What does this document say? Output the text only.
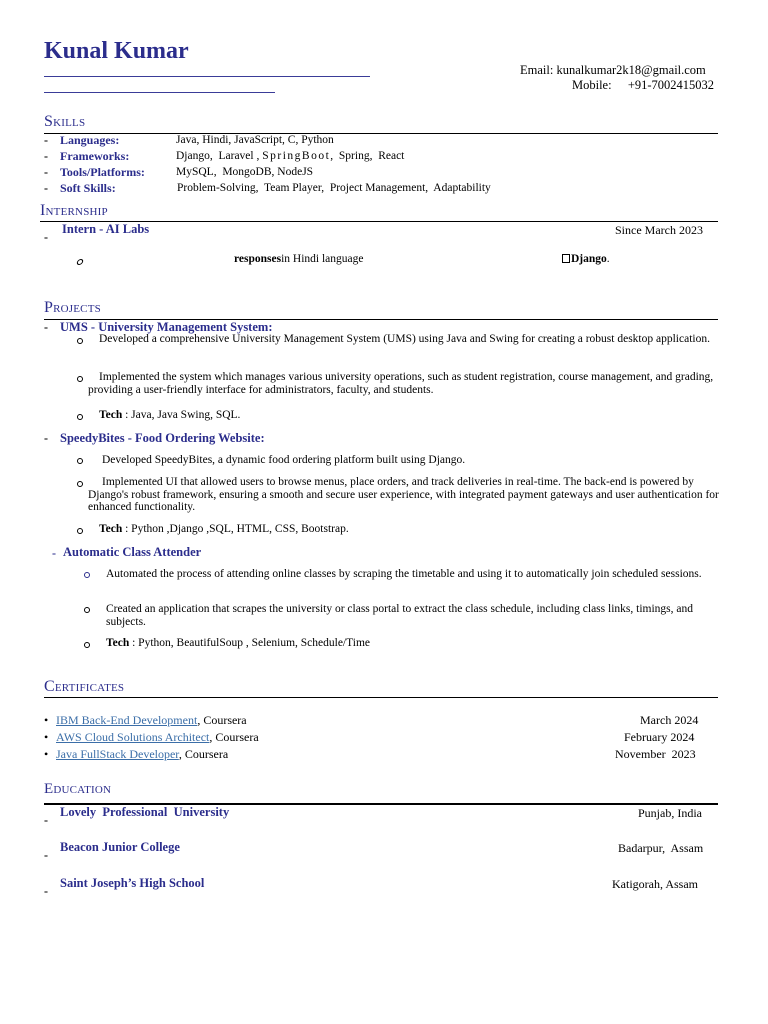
Kunal Kumar
Email: kunalkumar2k18@gmail.com
Mobile: +91-7002415032
Skills
- Languages:	Java, Hindi, JavaScript, C, Python
- Frameworks:	Django,  Laravel , SpringBoot,  Spring,  React
- Tools/Platforms:	MySQL,  MongoDB, NodeJS
- Soft Skills:	Problem-Solving,  Team Player,  Project Management,  Adaptability
Internship
-
Intern - AI Labs	Since March 2023
responsesin Hindi language	Django.
Projects
- UMS - University Management System:
Developed a comprehensive University Management System (UMS) using Java and Swing for creating a robust desktop application.
Implemented the system which manages various university operations, such as student registration, course management, and grading, providing a user-friendly interface for administrators, faculty, and students.
Tech : Java, Java Swing, SQL.
- SpeedyBites - Food Ordering Website:
Developed SpeedyBites, a dynamic food ordering platform built using Django.
Implemented UI that allowed users to browse menus, place orders, and track deliveries in real-time. The back-end is powered by Django's robust framework, ensuring a smooth and secure user experience, with integrated payment gateways and user authentication for enhanced functionality.
Tech : Python ,Django ,SQL, HTML, CSS, Bootstrap.
- Automatic Class Attender
Automated the process of attending online classes by scraping the timetable and using it to automatically join scheduled sessions.
Created an application that scrapes the university or class portal to extract the class schedule, including class links, timings, and subjects.
Tech : Python, BeautifulSoup , Selenium, Schedule/Time
Certificates
• IBM Back-End Development, Coursera	March 2024
• AWS Cloud Solutions Architect, Coursera	February 2024
• Java FullStack Developer, Coursera	November  2023
Education
-
Lovely  Professional  University	Punjab, India
-
Beacon Junior College	Badarpur,  Assam
-
Saint Joseph’s High School	Katigorah, Assam
